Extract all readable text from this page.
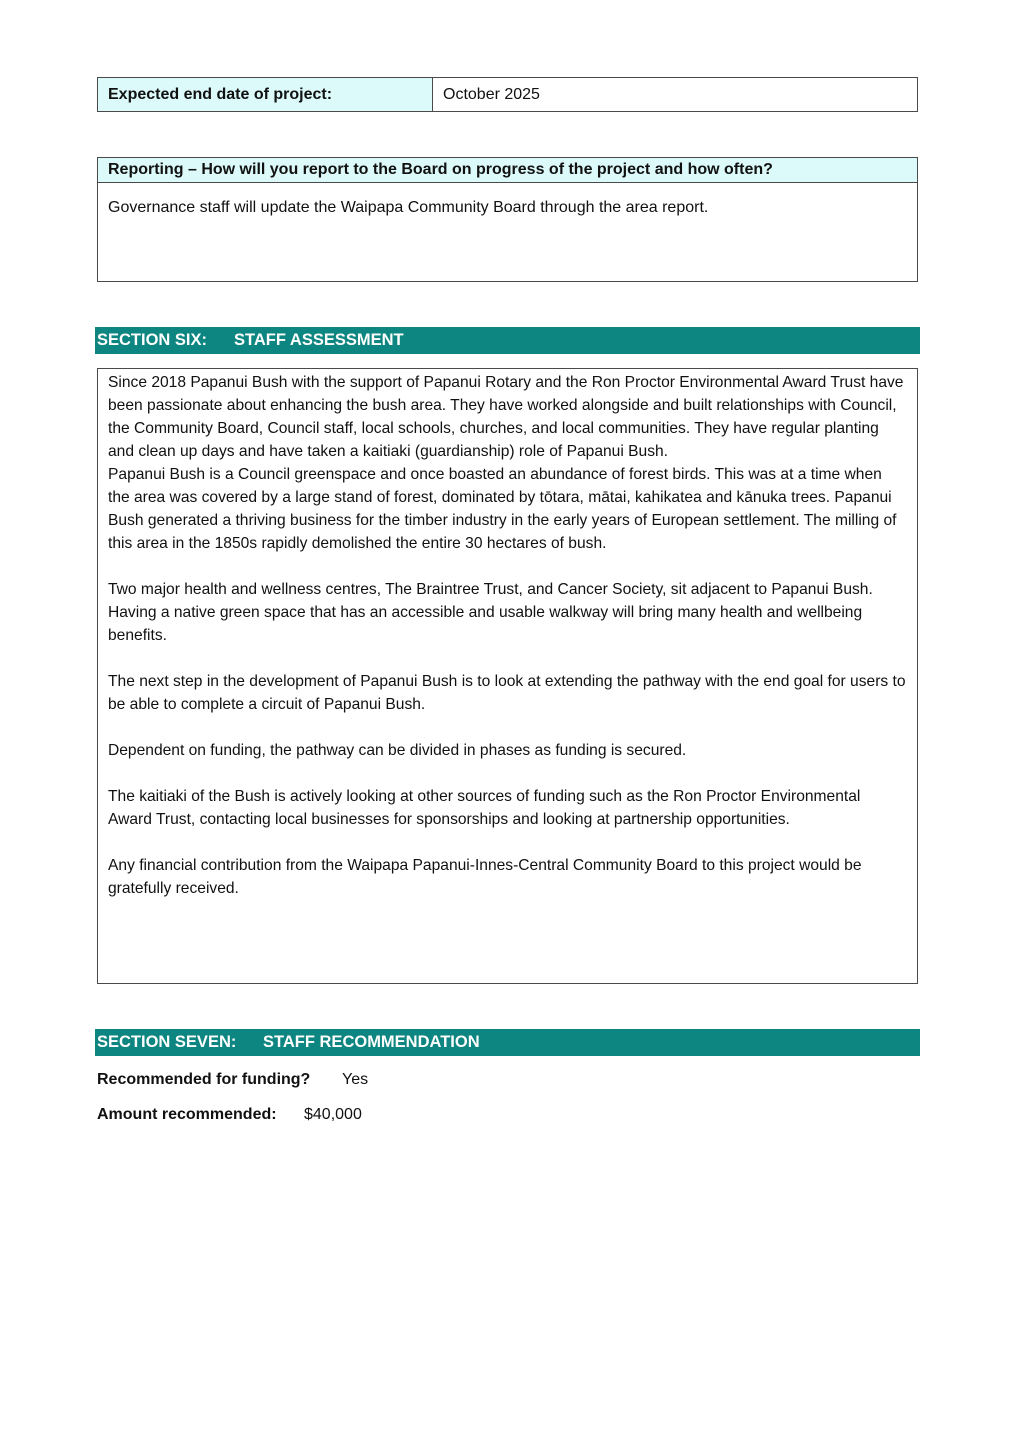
Expected end date of project:	October 2025
Reporting – How will you report to the Board on progress of the project and how often?
Governance staff will update the Waipapa Community Board through the area report.
SECTION SIX:	STAFF ASSESSMENT

Since 2018 Papanui Bush with the support of Papanui Rotary and the Ron Proctor Environmental Award Trust have been passionate about enhancing the bush area. They have worked alongside and built relationships with Council, the Community Board, Council staff, local schools, churches, and local communities. They have regular planting and clean up days and have taken a kaitiaki (guardianship) role of Papanui Bush.

Papanui Bush is a Council greenspace and once boasted an abundance of forest birds. This was at a time when the area was covered by a large stand of forest, dominated by tōtara, mātai, kahikatea and kānuka trees. Papanui Bush generated a thriving business for the timber industry in the early years of European settlement. The milling of this area in the 1850s rapidly demolished the entire 30 hectares of bush.

Two major health and wellness centres, The Braintree Trust, and Cancer Society, sit adjacent to Papanui Bush. Having a native green space that has an accessible and usable walkway will bring many health and wellbeing benefits.

The next step in the development of Papanui Bush is to look at extending the pathway with the end goal for users to be able to complete a circuit of Papanui Bush.

Dependent on funding, the pathway can be divided in phases as funding is secured.

The kaitiaki of the Bush is actively looking at other sources of funding such as the Ron Proctor Environmental Award Trust, contacting local businesses for sponsorships and looking at partnership opportunities.

Any financial contribution from the Waipapa Papanui-Innes-Central Community Board to this project would be gratefully received.

SECTION SEVEN:	STAFF RECOMMENDATION
Recommended for funding?	Yes
Amount recommended:	$40,000
